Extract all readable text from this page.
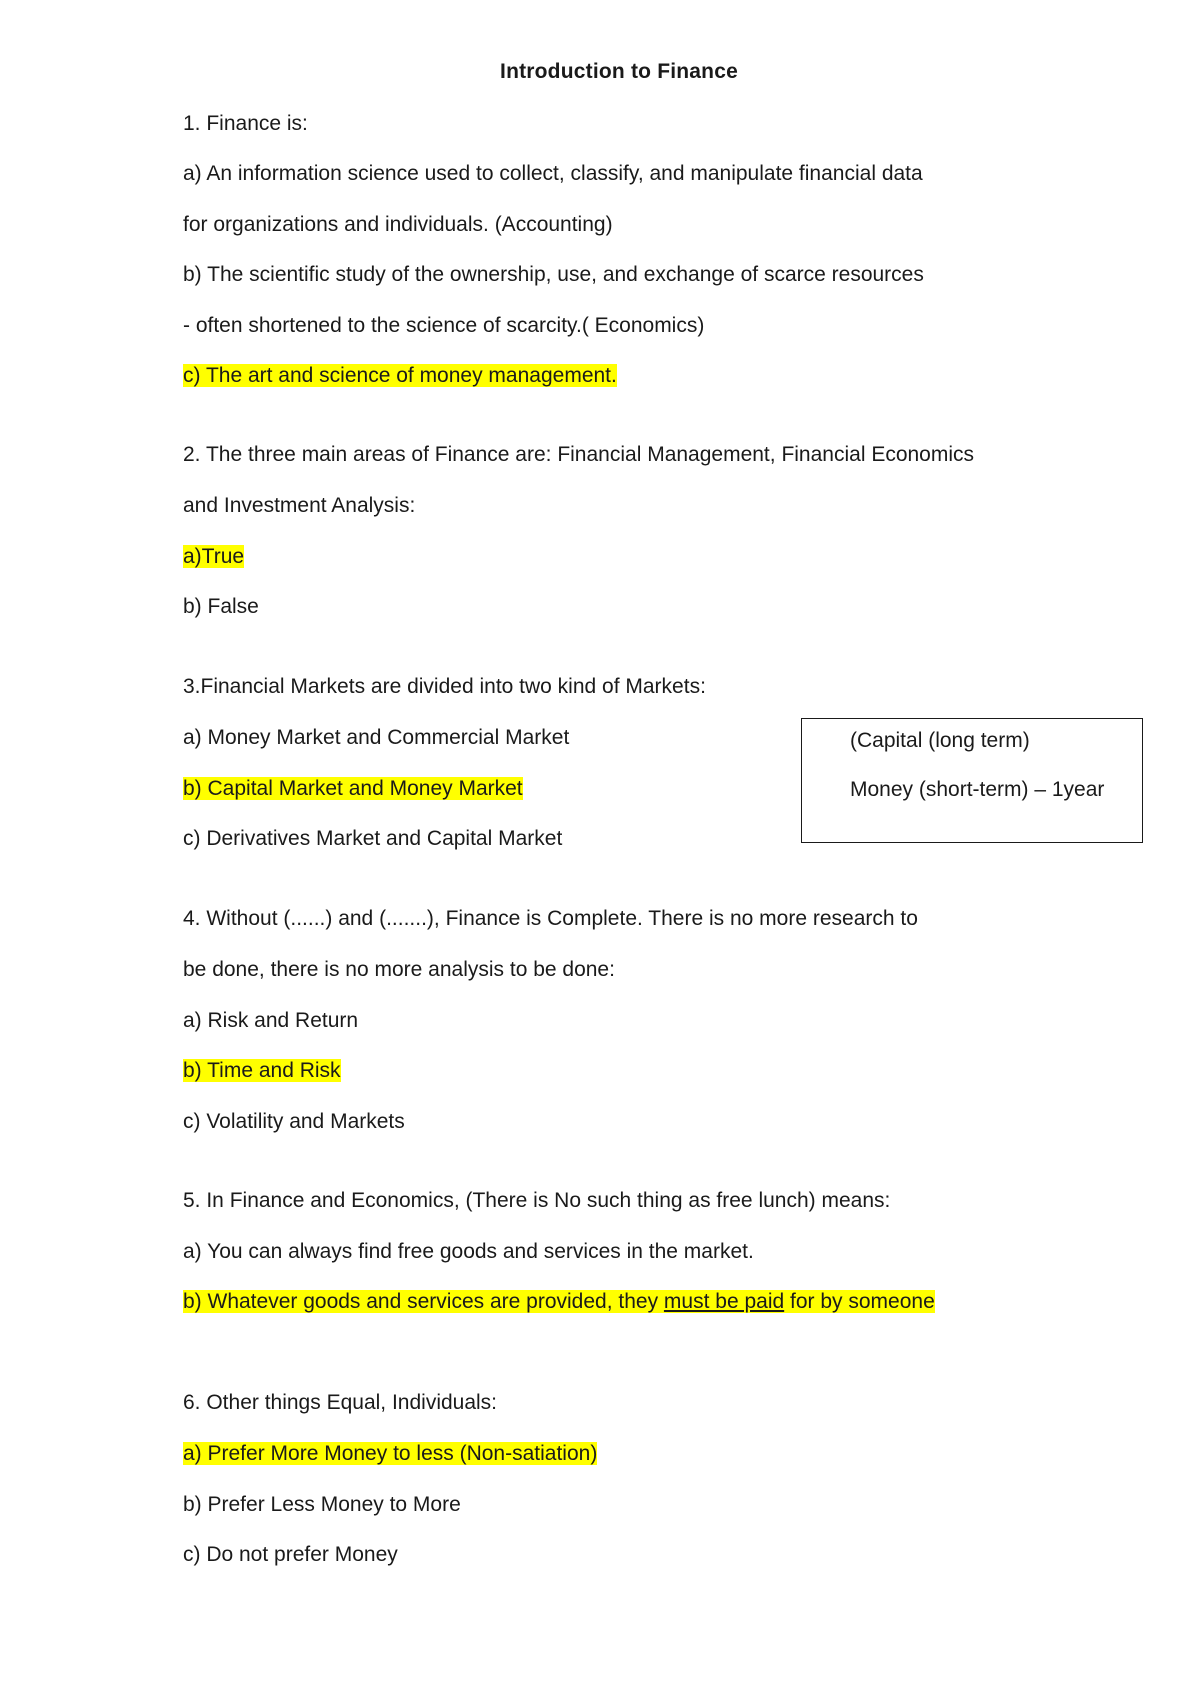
Introduction to Finance
1. Finance is:
a) An information science used to collect, classify, and manipulate financial data
for organizations and individuals. (Accounting)
b) The scientific study of the ownership, use, and exchange of scarce resources
- often shortened to the science of scarcity.( Economics)
c) The art and science of money management.
2. The three main areas of Finance are: Financial Management, Financial Economics
and Investment Analysis:
a)True
b) False
3.Financial Markets are divided into two kind of Markets:
a) Money Market and Commercial Market
b) Capital Market and Money Market
c) Derivatives Market and Capital Market
(Capital (long term)
Money (short-term) – 1year
4. Without (......) and (.......), Finance is Complete. There is no more research to
be done, there is no more analysis to be done:
a) Risk and Return
b) Time and Risk
c) Volatility and Markets
5. In Finance and Economics, (There is No such thing as free lunch) means:
a) You can always find free goods and services in the market.
b) Whatever goods and services are provided, they must be paid for by someone
6. Other things Equal, Individuals:
a) Prefer More Money to less (Non-satiation)
b) Prefer Less Money to More
c) Do not prefer Money
